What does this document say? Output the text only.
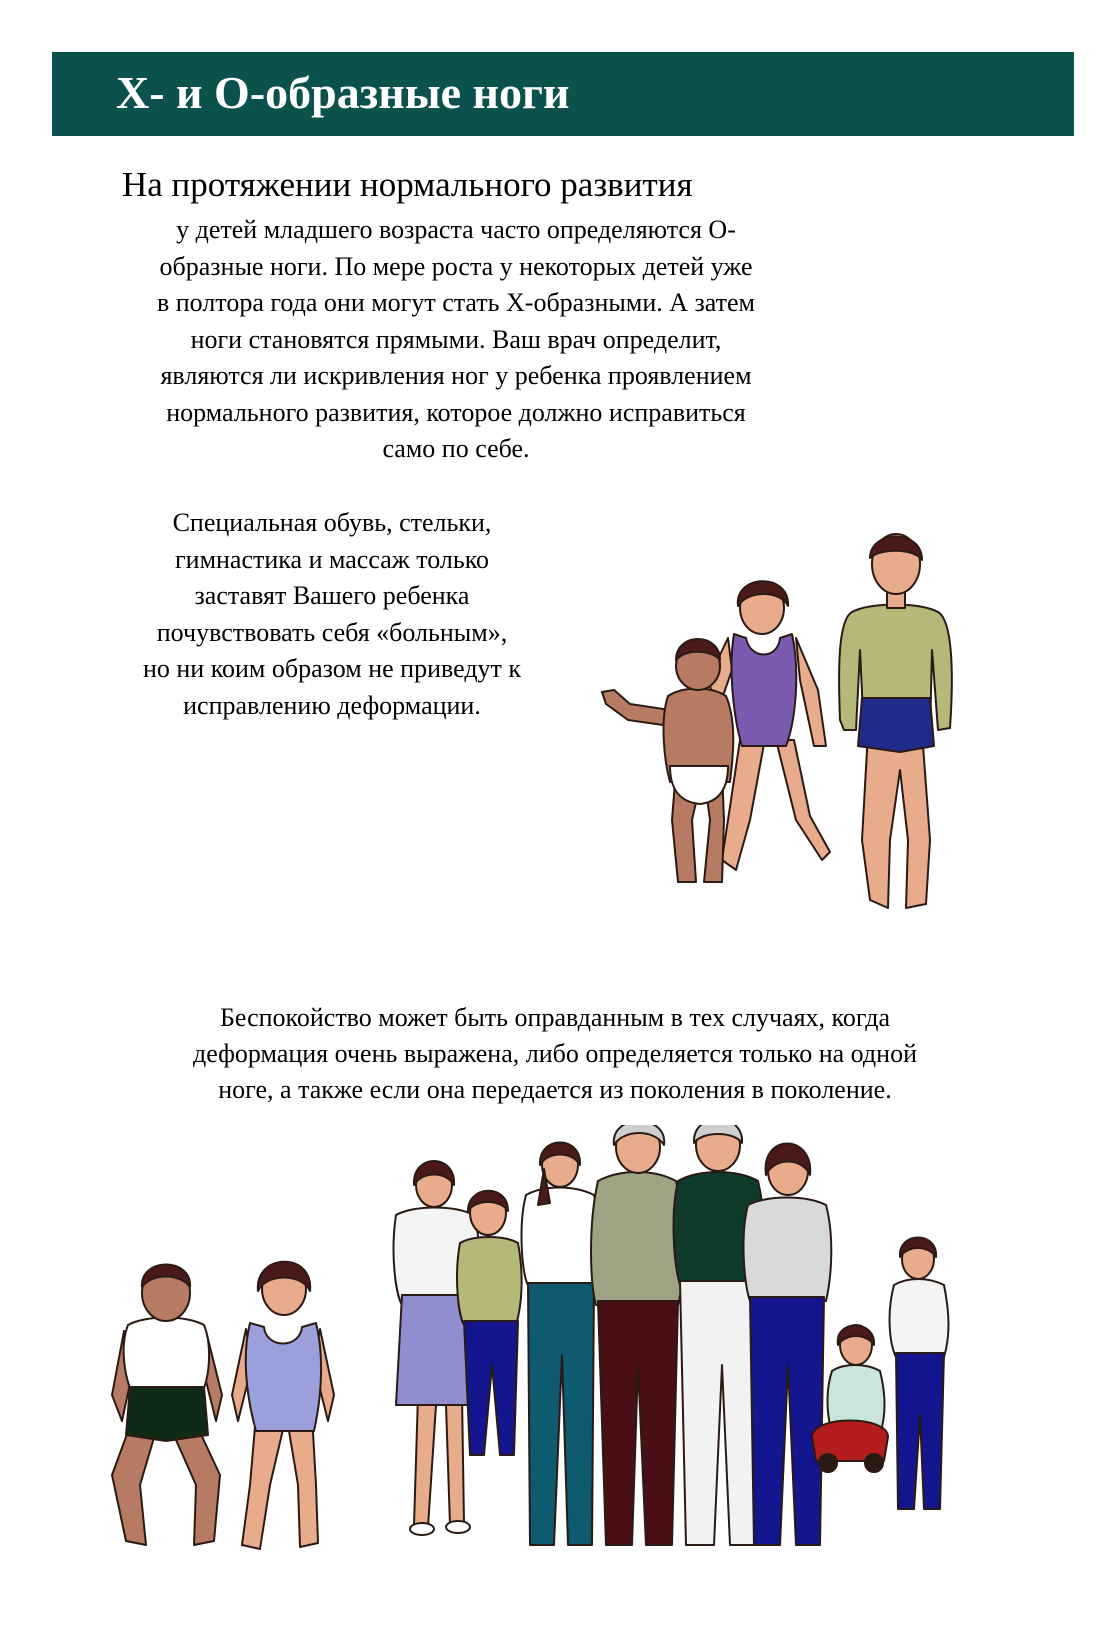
Х- и О-образные ноги
На протяжении нормального развития
у детей младшего возраста часто определяются О-
образные ноги. По мере роста у некоторых детей уже
в полтора года они могут стать Х-образными. А затем
ноги становятся прямыми. Ваш врач определит,
являются ли искривления ног у ребенка проявлением
нормального развития, которое должно исправиться
само по себе.
Специальная обувь, стельки,
гимнастика и массаж только
заставят Вашего ребенка
почувствовать себя «больным»,
но ни коим образом не приведут к
исправлению деформации.
Беспокойство может быть оправданным в тех случаях, когда
деформация очень выражена, либо определяется только на одной
ноге, а также если она передается из поколения в поколение.
